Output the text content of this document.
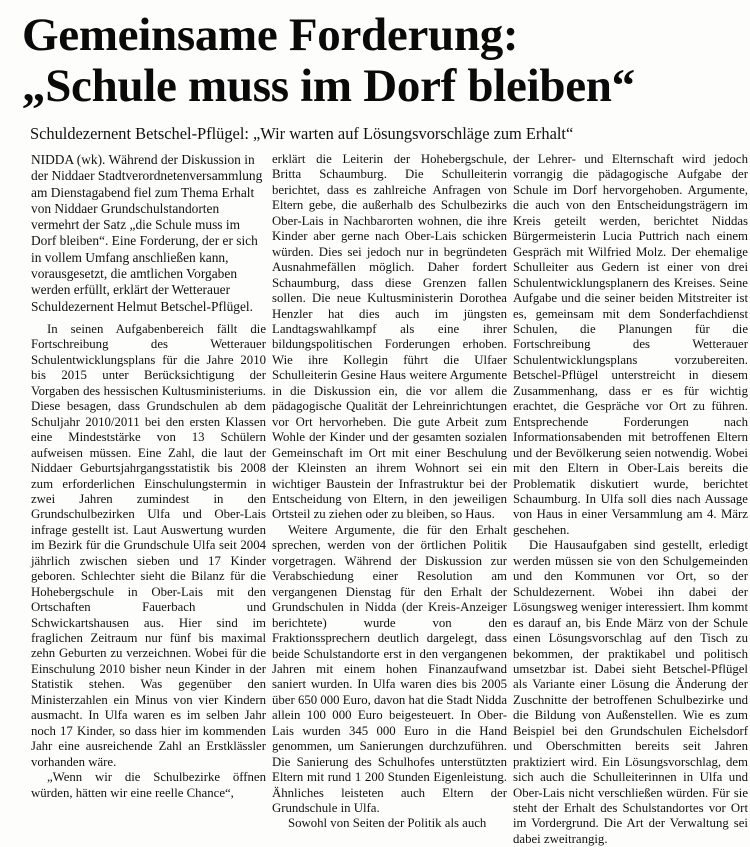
Gemeinsame Forderung:
„Schule muss im Dorf bleiben“

Schuldezernent Betschel-Pflügel: „Wir warten auf Lösungsvorschläge zum Erhalt“

NIDDA (wk). Während der Diskussion in der Niddaer Stadtverordnetenversammlung am Dienstagabend fiel zum Thema Erhalt von Niddaer Grundschulstandorten vermehrt der Satz „die Schule muss im Dorf bleiben“. Eine Forderung, der er sich in vollem Umfang anschließen kann, vorausgesetzt, die amtlichen Vorgaben werden erfüllt, erklärt der Wetterauer Schuldezernent Helmut Betschel-Pflügel.

In seinen Aufgabenbereich fällt die Fortschreibung des Wetterauer Schulentwicklungsplans für die Jahre 2010 bis 2015 unter Berücksichtigung der Vorgaben des hessischen Kultusministeriums. Diese besagen, dass Grundschulen ab dem Schuljahr 2010/2011 bei den ersten Klassen eine Mindeststärke von 13 Schülern aufweisen müssen. Eine Zahl, die laut der Niddaer Geburtsjahrgangsstatistik bis 2008 zum erforderlichen Einschulungstermin in zwei Jahren zumindest in den Grundschulbezirken Ulfa und Ober-Lais infrage gestellt ist. Laut Auswertung wurden im Bezirk für die Grundschule Ulfa seit 2004 jährlich zwischen sieben und 17 Kinder geboren. Schlechter sieht die Bilanz für die Hohebergschule in Ober-Lais mit den Ortschaften Fauerbach und Schwickartshausen aus. Hier sind im fraglichen Zeitraum nur fünf bis maximal zehn Geburten zu verzeichnen. Wobei für die Einschulung 2010 bisher neun Kinder in der Statistik stehen. Was gegenüber den Ministerzahlen ein Minus von vier Kindern ausmacht. In Ulfa waren es im selben Jahr noch 17 Kinder, so dass hier im kommenden Jahr eine ausreichende Zahl an Erstklässler vorhanden wäre.

„Wenn wir die Schulbezirke öffnen würden, hätten wir eine reelle Chance“,

erklärt die Leiterin der Hohebergschule, Britta Schaumburg. Die Schulleiterin berichtet, dass es zahlreiche Anfragen von Eltern gebe, die außerhalb des Schulbezirks Ober-Lais in Nachbarorten wohnen, die ihre Kinder aber gerne nach Ober-Lais schicken würden. Dies sei jedoch nur in begründeten Ausnahmefällen möglich. Daher fordert Schaumburg, dass diese Grenzen fallen sollen. Die neue Kultusministerin Dorothea Henzler hat dies auch im jüngsten Landtagswahlkampf als eine ihrer bildungspolitischen Forderungen erhoben. Wie ihre Kollegin führt die Ulfaer Schulleiterin Gesine Haus weitere Argumente in die Diskussion ein, die vor allem die pädagogische Qualität der Lehreinrichtungen vor Ort hervorheben. Die gute Arbeit zum Wohle der Kinder und der gesamten sozialen Gemeinschaft im Ort mit einer Beschulung der Kleinsten an ihrem Wohnort sei ein wichtiger Baustein der Infrastruktur bei der Entscheidung von Eltern, in den jeweiligen Ortsteil zu ziehen oder zu bleiben, so Haus.

Weitere Argumente, die für den Erhalt sprechen, werden von der örtlichen Politik vorgetragen. Während der Diskussion zur Verabschiedung einer Resolution am vergangenen Dienstag für den Erhalt der Grundschulen in Nidda (der Kreis-Anzeiger berichtete) wurde von den Fraktionssprechern deutlich dargelegt, dass beide Schulstandorte erst in den vergangenen Jahren mit einem hohen Finanzaufwand saniert wurden. In Ulfa waren dies bis 2005 über 650 000 Euro, davon hat die Stadt Nidda allein 100 000 Euro beigesteuert. In Ober-Lais wurden 345 000 Euro in die Hand genommen, um Sanierungen durchzuführen. Die Sanierung des Schulhofes unterstützten Eltern mit rund 1 200 Stunden Eigenleistung. Ähnliches leisteten auch Eltern der Grundschule in Ulfa.

Sowohl von Seiten der Politik als auch

der Lehrer- und Elternschaft wird jedoch vorrangig die pädagogische Aufgabe der Schule im Dorf hervorgehoben. Argumente, die auch von den Entscheidungsträgern im Kreis geteilt werden, berichtet Niddas Bürgermeisterin Lucia Puttrich nach einem Gespräch mit Wilfried Molz. Der ehemalige Schulleiter aus Gedern ist einer von drei Schulentwicklungsplanern des Kreises. Seine Aufgabe und die seiner beiden Mitstreiter ist es, gemeinsam mit dem Sonderfachdienst Schulen, die Planungen für die Fortschreibung des Wetterauer Schulentwicklungsplans vorzubereiten. Betschel-Pflügel unterstreicht in diesem Zusammenhang, dass er es für wichtig erachtet, die Gespräche vor Ort zu führen. Entsprechende Forderungen nach Informationsabenden mit betroffenen Eltern und der Bevölkerung seien notwendig. Wobei mit den Eltern in Ober-Lais bereits die Problematik diskutiert wurde, berichtet Schaumburg. In Ulfa soll dies nach Aussage von Haus in einer Versammlung am 4. März geschehen.

Die Hausaufgaben sind gestellt, erledigt werden müssen sie von den Schulgemeinden und den Kommunen vor Ort, so der Schuldezernent. Wobei ihn dabei der Lösungsweg weniger interessiert. Ihm kommt es darauf an, bis Ende März von der Schule einen Lösungsvorschlag auf den Tisch zu bekommen, der praktikabel und politisch umsetzbar ist. Dabei sieht Betschel-Pflügel als Variante einer Lösung die Änderung der Zuschnitte der betroffenen Schulbezirke und die Bildung von Außenstellen. Wie es zum Beispiel bei den Grundschulen Eichelsdorf und Oberschmitten bereits seit Jahren praktiziert wird. Ein Lösungsvorschlag, dem sich auch die Schulleiterinnen in Ulfa und Ober-Lais nicht verschließen würden. Für sie steht der Erhalt des Schulstandortes vor Ort im Vordergrund. Die Art der Verwaltung sei dabei zweitrangig.
